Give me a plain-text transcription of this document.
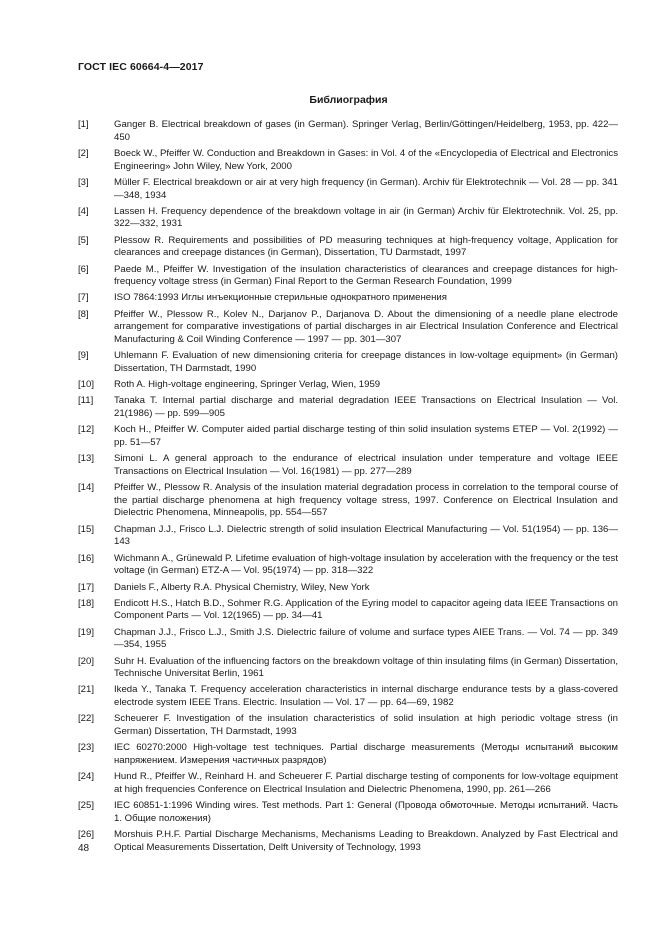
ГОСТ IEC 60664-4—2017
Библиография
[1]	Ganger B. Electrical breakdown of gases (in German). Springer Verlag, Berlin/Göttingen/Heidelberg, 1953, pp. 422—450
[2]	Boeck W., Pfeiffer W. Conduction and Breakdown in Gases: in Vol. 4 of the «Encyclopedia of Electrical and Electronics Engineering» John Wiley, New York, 2000
[3]	Müller F. Electrical breakdown or air at very high frequency (in German). Archiv für Elektrotechnik — Vol. 28 — pp. 341—348, 1934
[4]	Lassen H. Frequency dependence of the breakdown voltage in air (in German) Archiv für Elektrotechnik. Vol. 25, pp. 322—332, 1931
[5]	Plessow R. Requirements and possibilities of PD measuring techniques at high-frequency voltage, Application for clearances and creepage distances (in German), Dissertation, TU Darmstadt, 1997
[6]	Paede M., Pfeiffer W. Investigation of the insulation characteristics of clearances and creepage distances for high-frequency voltage stress (in German) Final Report to the German Research Foundation, 1999
[7]	ISO 7864:1993 Иглы инъекционные стерильные однократного применения
[8]	Pfeiffer W., Plessow R., Kolev N., Darjanov P., Darjanova D. About the dimensioning of a needle plane electrode arrangement for comparative investigations of partial discharges in air Electrical Insulation Conference and Electrical Manufacturing & Coil Winding Conference — 1997 — pp. 301—307
[9]	Uhlemann F. Evaluation of new dimensioning criteria for creepage distances in low-voltage equipment» (in German) Dissertation, TH Darmstadt, 1990
[10]	Roth A. High-voltage engineering, Springer Verlag, Wien, 1959
[11]	Tanaka T. Internal partial discharge and material degradation IEEE Transactions on Electrical Insulation — Vol. 21(1986) — pp. 599—905
[12]	Koch H., Pfeiffer W. Computer aided partial discharge testing of thin solid insulation systems ETEP — Vol. 2(1992) — pp. 51—57
[13]	Simoni L. A general approach to the endurance of electrical insulation under temperature and voltage IEEE Transactions on Electrical Insulation — Vol. 16(1981) — pp. 277—289
[14]	Pfeiffer W., Plessow R. Analysis of the insulation material degradation process in correlation to the temporal course of the partial discharge phenomena at high frequency voltage stress, 1997. Conference on Electrical Insulation and Dielectric Phenomena, Minneapolis, pp. 554—557
[15]	Chapman J.J., Frisco L.J. Dielectric strength of solid insulation Electrical Manufacturing — Vol. 51(1954) — pp. 136—143
[16]	Wichmann A., Grünewald P. Lifetime evaluation of high-voltage insulation by acceleration with the frequency or the test voltage (in German) ETZ-A — Vol. 95(1974) — pp. 318—322
[17]	Daniels F., Alberty R.A. Physical Chemistry, Wiley, New York
[18]	Endicott H.S., Hatch B.D., Sohmer R.G. Application of the Eyring model to capacitor ageing data IEEE Transactions on Component Parts — Vol. 12(1965) — pp. 34—41
[19]	Chapman J.J., Frisco L.J., Smith J.S. Dielectric failure of volume and surface types AIEE Trans. — Vol. 74 — pp. 349—354, 1955
[20]	Suhr H. Evaluation of the influencing factors on the breakdown voltage of thin insulating films (in German) Dissertation, Technische Universitat Berlin, 1961
[21]	Ikeda Y., Tanaka T. Frequency acceleration characteristics in internal discharge endurance tests by a glass-covered electrode system IEEE Trans. Electric. Insulation — Vol. 17 — pp. 64—69, 1982
[22]	Scheuerer F. Investigation of the insulation characteristics of solid insulation at high periodic voltage stress (in German) Dissertation, TH Darmstadt, 1993
[23]	IEC 60270:2000 High-voltage test techniques. Partial discharge measurements (Методы испытаний высоким напряжением. Измерения частичных разрядов)
[24]	Hund R., Pfeiffer W., Reinhard H. and Scheuerer F. Partial discharge testing of components for low-voltage equipment at high frequencies Conference on Electrical Insulation and Dielectric Phenomena, 1990, pp. 261—266
[25]	IEC 60851-1:1996 Winding wires. Test methods. Part 1: General (Провода обмоточные. Методы испытаний. Часть 1. Общие положения)
[26]	Morshuis P.H.F. Partial Discharge Mechanisms, Mechanisms Leading to Breakdown. Analyzed by Fast Electrical and Optical Measurements Dissertation, Delft University of Technology, 1993
48
